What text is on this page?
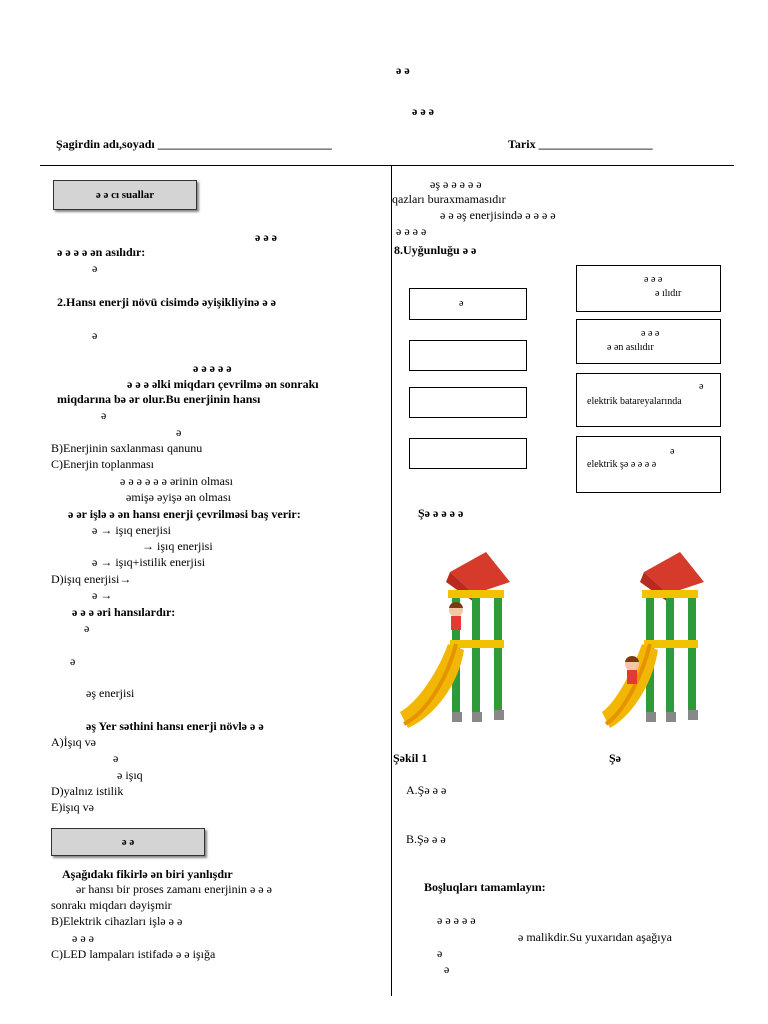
ə ə
ə ə ə
Şagirdin adı,soyadı _____________________________	Tarix ___________________
ə ə cı suallar
ə ə ə
ə ə ə ə ən asılıdır:
ə
2.Hansı enerji növü cisimdə əyişikliyinə ə ə
ə
ə ə ə ə ə
ə ə ə əlki miqdarı çevrilmə ən sonrakı
miqdarına bə ər olur.Bu enerjinin hansı
ə
ə
B)Enerjinin saxlanması qanunu
C)Enerjin toplanması
ə ə ə ə ə ə ərinin olması
əmişə əyişə ən olması
ə ər işlə ə ən hansı enerji çevrilməsi baş verir:
ə → işıq enerjisi
→ işıq enerjisi
ə → işıq+istilik enerjisi
D)işıq enerjisi→
ə →
ə ə ə əri hansılardır:
ə
ə
əş enerjisi
əş Yer səthini hansı enerji növlə ə ə
A)İşıq və
ə
ə işıq
D)yalnız istilik
E)işıq və
ə ə
Aşağıdakı fikirlə ən biri yanlışdır
ər hansı bir proses zamanı enerjinin ə ə ə
sonrakı miqdarı dəyişmir
B)Elektrik cihazları işlə ə ə
ə ə ə
C)LED lampaları istifadə ə ə işığa
əş ə ə ə ə ə
qazları buraxmamasıdır
ə ə əş enerjisində ə ə ə ə
ə ə ə ə
8.Uyğunluğu ə ə
ə
ə ə ə
ə ılıdır
ə ə ə
ə ən asılıdır
ə
elektrik batareyalarında
ə
elektrik şə ə ə ə ə
Şə ə ə ə ə
Şəkil 1	Şə
A.Şə ə ə
B.Şə ə ə
Boşluqları tamamlayın:
ə ə ə ə ə
ə malikdir.Su yuxarıdan aşağıya
ə
ə
